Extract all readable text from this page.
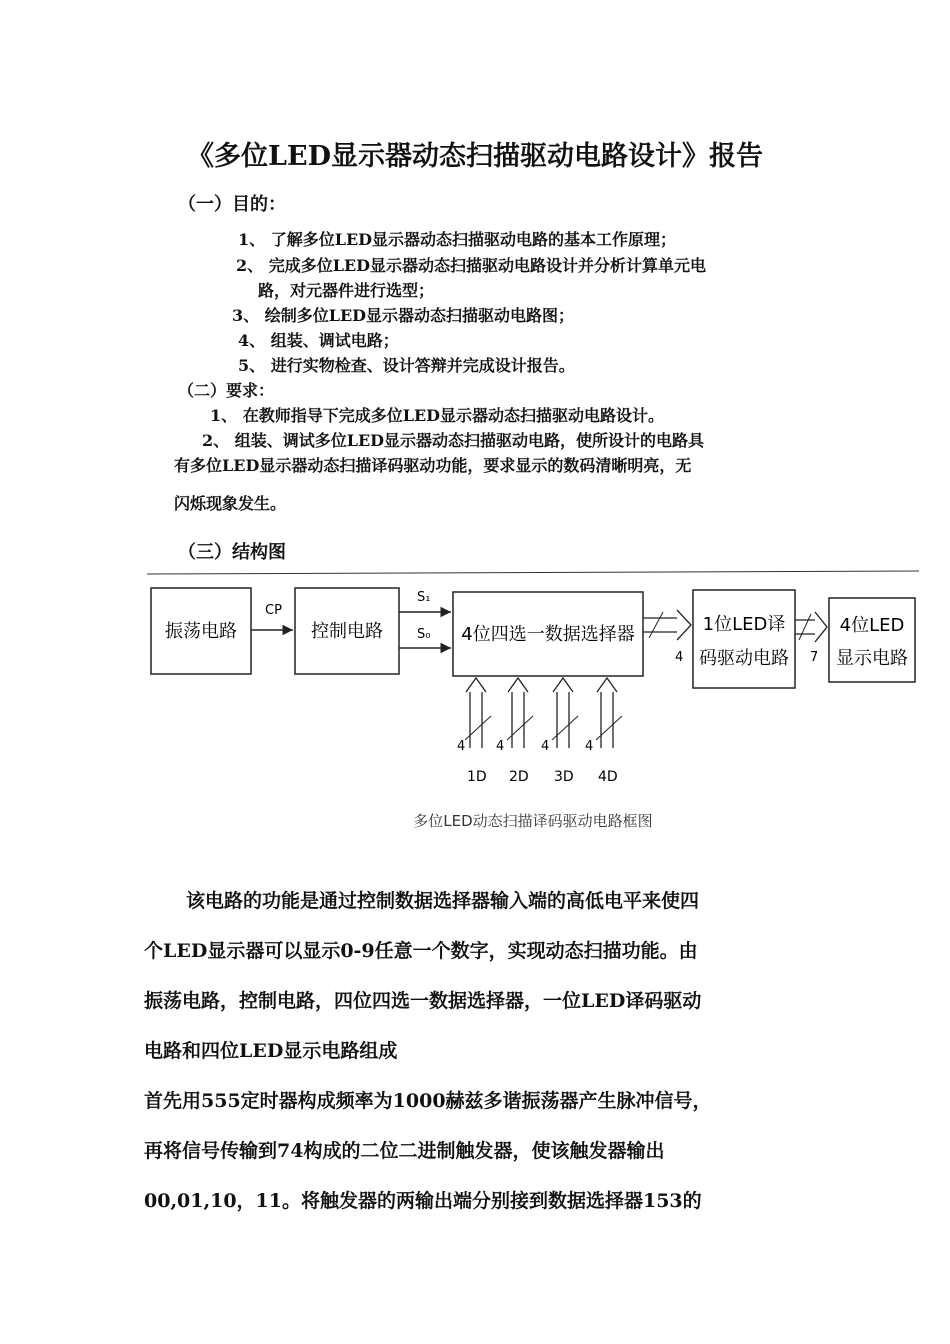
《多位LED显示器动态扫描驱动电路设计》报告
（一）目的：
1、 了解多位LED显示器动态扫描驱动电路的基本工作原理；
2、 完成多位LED显示器动态扫描驱动电路设计并分析计算单元电
路，对元器件进行选型；
3、 绘制多位LED显示器动态扫描驱动电路图；
4、 组装、调试电路；
5、 进行实物检查、设计答辩并完成设计报告。
（二）要求：
1、 在教师指导下完成多位LED显示器动态扫描驱动电路设计。
2、 组装、调试多位LED显示器动态扫描驱动电路，使所设计的电路具
有多位LED显示器动态扫描译码驱动功能，要求显示的数码清晰明亮，无
闪烁现象发生。
（三）结构图
振荡电路
CP
控制电路
S₁
S₀ 4位四选一数据选择器
4
1位LED译
码驱动电路 7
4位LED
显示电路
4
1D
4
2D
4
3D
4
4D
多位LED动态扫描译码驱动电路框图
该电路的功能是通过控制数据选择器输入端的高低电平来使四
个LED显示器可以显示0-9任意一个数字，实现动态扫描功能。由
振荡电路，控制电路，四位四选一数据选择器，一位LED译码驱动
电路和四位LED显示电路组成
首先用555定时器构成频率为1000赫兹多谐振荡器产生脉冲信号，
再将信号传输到74构成的二位二进制触发器，使该触发器输出
00,01,10，11。将触发器的两输出端分别接到数据选择器153的
